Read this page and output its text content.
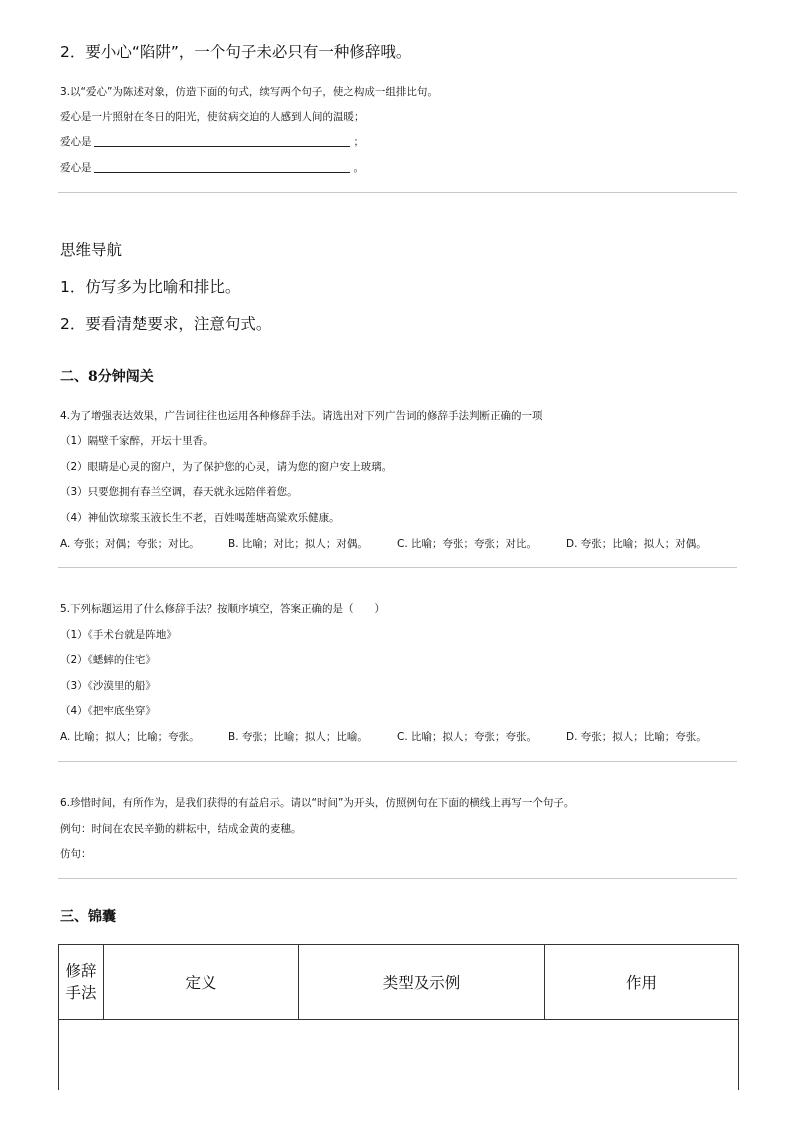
2．要小心“陷阱”，一个句子未必只有一种修辞哦。
3.以“爱心”为陈述对象，仿造下面的句式，续写两个句子，使之构成一组排比句。
爱心是一片照射在冬日的阳光，使贫病交迫的人感到人间的温暖；
爱心是	；
爱心是	。
思维导航
1．仿写多为比喻和排比。
2．要看清楚要求，注意句式。
二、8分钟闯关
4.为了增强表达效果，广告词往往也运用各种修辞手法。请选出对下列广告词的修辞手法判断正确的一项
（1）隔壁千家醉，开坛十里香。
（2）眼睛是心灵的窗户，为了保护您的心灵，请为您的窗户安上玻璃。
（3）只要您拥有春兰空调，春天就永远陪伴着您。
（4）神仙饮琼浆玉液长生不老，百姓喝莲塘高粱欢乐健康。
A. 夸张；对偶；夸张；对比。	B. 比喻；对比；拟人；对偶。	C. 比喻；夸张；夸张；对比。	D. 夸张；比喻；拟人；对偶。
5.下列标题运用了什么修辞手法？按顺序填空，答案正确的是（　　）
（1）《手术台就是阵地》
（2）《蟋蟀的住宅》
（3）《沙漠里的船》
（4）《把牢底坐穿》
A. 比喻；拟人；比喻；夸张。	B. 夸张；比喻；拟人；比喻。	C. 比喻；拟人；夸张；夸张。	D. 夸张；拟人；比喻；夸张。
6.珍惜时间，有所作为，是我们获得的有益启示。请以“时间”为开头，仿照例句在下面的横线上再写一个句子。
例句：时间在农民辛勤的耕耘中，结成金黄的麦穗。
仿句：
三、锦囊
修辞
手法
	定义	类型及示例	作用
